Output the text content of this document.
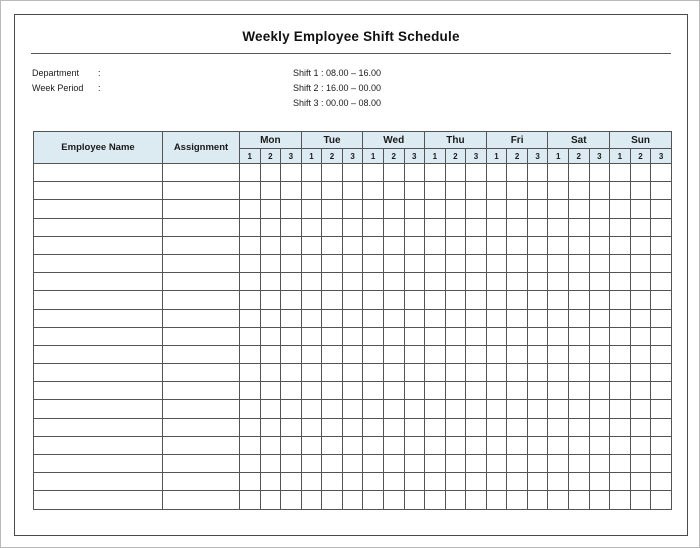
Weekly Employee Shift Schedule
Department	:
Week Period	:
Shift 1 : 08.00 – 16.00
Shift 2 : 16.00 – 00.00
Shift 3 : 00.00 – 08.00
Employee Name	Assignment	Mon			Tue			Wed			Thu			Fri			Sat			Sun		
		1	2	3	1	2	3	1	2	3	1	2	3	1	2	3	1	2	3	1	2	3
